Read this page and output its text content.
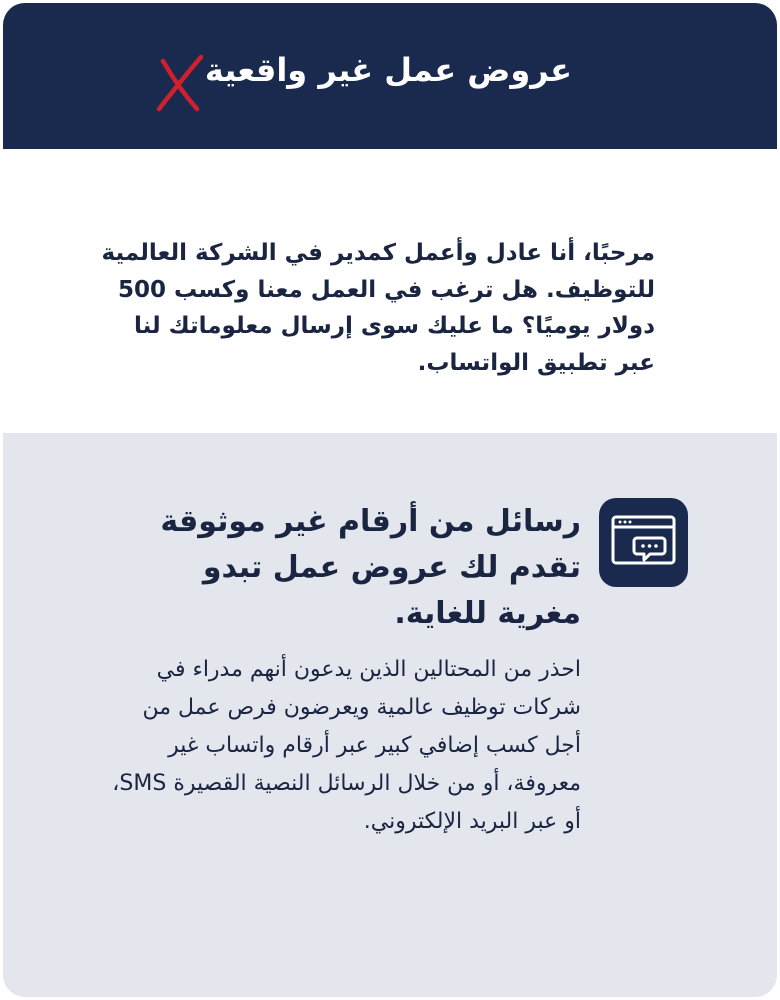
عروض عمل غير واقعية
مرحبًا، أنا عادل وأعمل كمدير في الشركة العالمية للتوظيف. هل ترغب في العمل معنا وكسب 500 دولار يوميًا؟ ما عليك سوى إرسال معلوماتك لنا عبر تطبيق الواتساب.
رسائل من أرقام غير موثوقة تقدم لك عروض عمل تبدو مغرية للغاية.
احذر من المحتالين الذين يدعون أنهم مدراء في شركات توظيف عالمية ويعرضون فرص عمل من أجل كسب إضافي كبير عبر أرقام واتساب غير معروفة، أو من خلال الرسائل النصية القصيرة SMS، أو عبر البريد الإلكتروني.
